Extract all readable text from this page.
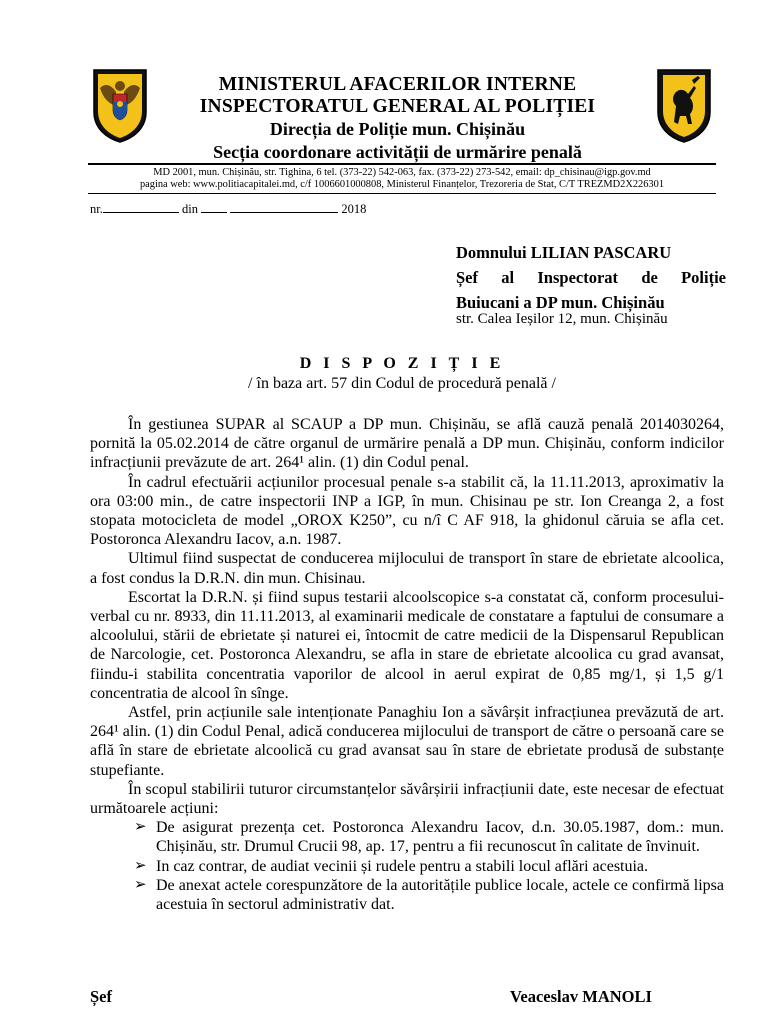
MINISTERUL AFACERILOR INTERNE
INSPECTORATUL GENERAL AL POLIȚIEI
Direcția de Poliție mun. Chișinău
Secția coordonare activității de urmărire penală
MD 2001, mun. Chișinău, str. Tighina, 6 tel. (373-22) 542-063, fax. (373-22) 273-542, email: dp_chisinau@igp.gov.md
pagina web: www.politiacapitalei.md, c/f 1006601000808, Ministerul Finanțelor, Trezoreria de Stat, C/T TREZMD2X226301
nr.	din	2018
Domnului LILIAN PASCARU
Șef al Inspectorat de Poliție
Buiucani a DP mun. Chișinău
str. Calea Ieșilor 12, mun. Chișinău
D I S P O Z I Ț I E
/ în baza art. 57 din Codul de procedură penală /

În gestiunea SUPAR al SCAUP a DP mun. Chișinău, se află cauză penală 2014030264, pornită la 05.02.2014 de către organul de urmărire penală a DP mun. Chișinău, conform indicilor infracțiunii prevăzute de art. 264¹ alin. (1) din Codul penal.

În cadrul efectuării acțiunilor procesual penale s-a stabilit că, la 11.11.2013, aproximativ la ora 03:00 min., de catre inspectorii INP a IGP, în mun. Chisinau pe str. Ion Creanga 2, a fost stopata motocicleta de model „OROX K250”, cu n/î C AF 918, la ghidonul căruia se afla cet. Postoronca Alexandru Iacov, a.n. 1987.

Ultimul fiind suspectat de conducerea mijlocului de transport în stare de ebrietate alcoolica, a fost condus la D.R.N. din mun. Chisinau.

Escortat la D.R.N. și fiind supus testarii alcoolscopice s-a constatat că, conform procesului-verbal cu nr. 8933, din 11.11.2013, al examinarii medicale de constatare a faptului de consumare a alcoolului, stării de ebrietate și naturei ei, întocmit de catre medicii de la Dispensarul Republican de Narcologie, cet. Postoronca Alexandru, se afla in stare de ebrietate alcoolica cu grad avansat, fiindu-i stabilita concentratia vaporilor de alcool in aerul expirat de 0,85 mg/1, și 1,5 g/1 concentratia de alcool în sînge.

Astfel, prin acțiunile sale intenționate Panaghiu Ion a săvârșit infracțiunea prevăzută de art. 264¹ alin. (1) din Codul Penal, adică conducerea mijlocului de transport de către o persoană care se află în stare de ebrietate alcoolică cu grad avansat sau în stare de ebrietate produsă de substanțe stupefiante.

În scopul stabilirii tuturor circumstanțelor săvârșirii infracțiunii date, este necesar de efectuat următoarele acțiuni:

➢ De asigurat prezența cet. Postoronca Alexandru Iacov, d.n. 30.05.1987, dom.: mun. Chișinău, str. Drumul Crucii 98, ap. 17, pentru a fii recunoscut în calitate de învinuit.
➢ In caz contrar, de audiat vecinii și rudele pentru a stabili locul aflări acestuia.
➢ De anexat actele corespunzătore de la autoritățile publice locale, actele ce confirmă lipsa acestuia în sectorul administrativ dat.
Șef	Veaceslav MANOLI
